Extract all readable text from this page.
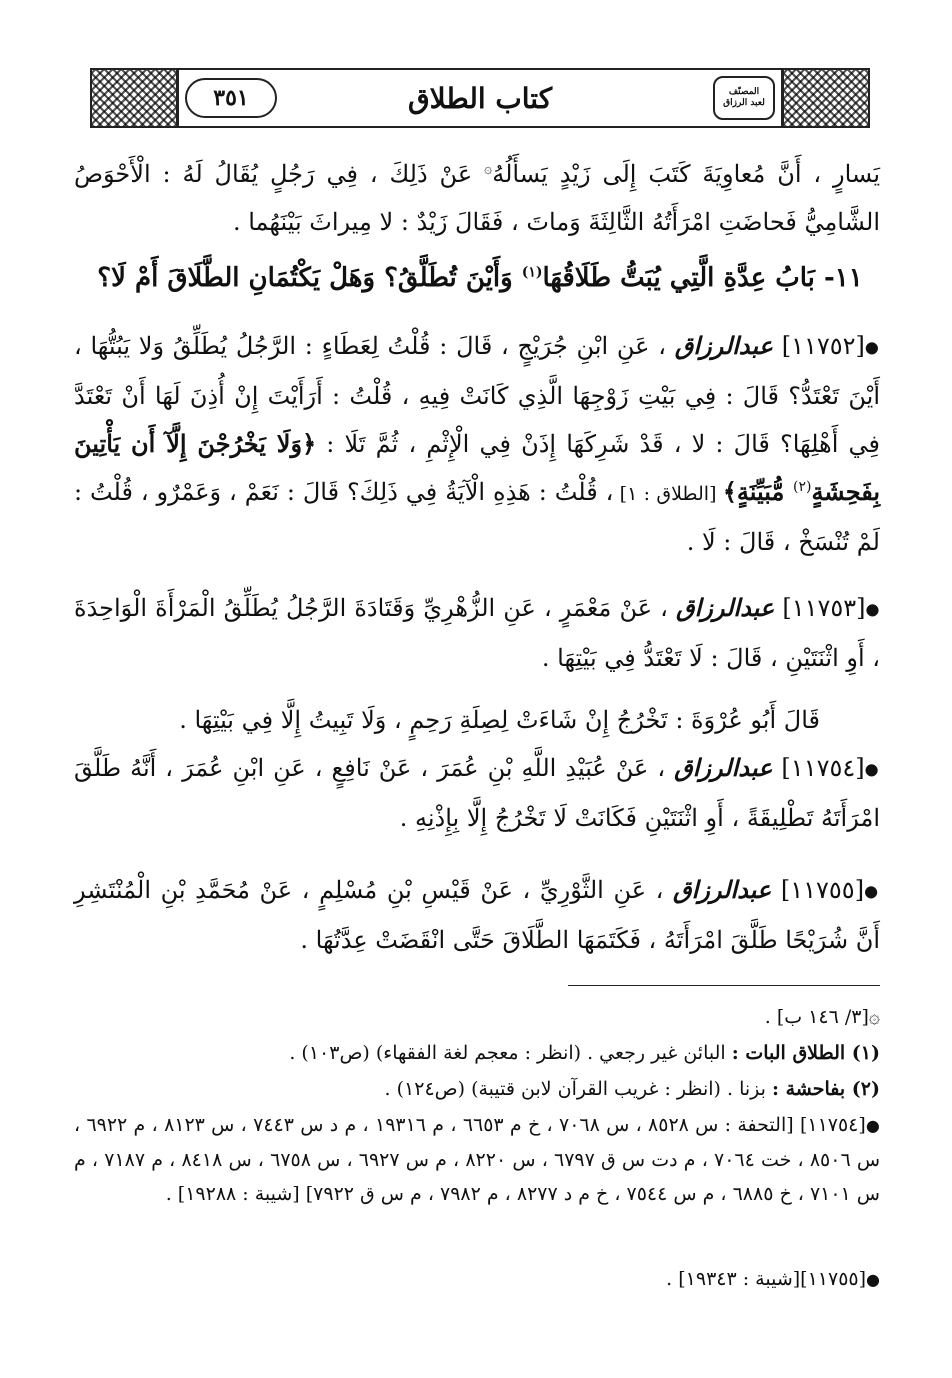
المصنّف
لعبد الرزاق
كتاب الطلاق
٣٥١

يَسارٍ ، أَنَّ مُعاوِيَةَ كَتَبَ إِلَى زَيْدٍ يَسأَلُهُ۞ عَنْ ذَلِكَ ، فِي رَجُلٍ يُقَالُ لَهُ : الْأَحْوَصُ الشَّامِيُّ فَحاضَتِ امْرَأَتُهُ الثَّالِثَةَ وَماتَ ، فَقَالَ زَيْدٌ : لا مِيراثَ بَيْنَهُما .

١١- بَابُ عِدَّةِ الَّتِي يُبَتُّ طَلَاقُهَا$^{(١)}$ وَأَيْنَ تُطَلَّقُ؟ وَهَلْ يَكْتُمَانِ الطَّلَاقَ أَمْ لَا؟

●[١١٧٥٢] عبدالرزاق ، عَنِ ابْنِ جُرَيْجٍ ، قَالَ : قُلْتُ لِعَطَاءٍ : الرَّجُلُ يُطَلِّقُ وَلا يَبُتُّهَا ، أَيْنَ تَعْتَدُّ؟ قَالَ : فِي بَيْتِ زَوْجِهَا الَّذِي كَانَتْ فِيهِ ، قُلْتُ : أَرَأَيْتَ إِنْ أُذِنَ لَهَا أَنْ تَعْتَدَّ فِي أَهْلِهَا؟ قَالَ : لا ، قَدْ شَرِكَهَا إِذَنْ فِي الْإِثْمِ ، ثُمَّ تَلَا : ﴿وَلَا يَخْرُجْنَ إِلَّآ أَن يَأْتِينَ بِفَحِشَةٍ$^{(٢)}$ مُّبَيِّنَةٍ﴾ [الطلاق : ١] ، قُلْتُ : هَذِهِ الْآيَةُ فِي ذَلِكَ؟ قَالَ : نَعَمْ ، وَعَمْرٌو ، قُلْتُ : لَمْ تُنْسَخْ ، قَالَ : لَا .

●[١١٧٥٣] عبدالرزاق ، عَنْ مَعْمَرٍ ، عَنِ الزُّهْرِيِّ وَقَتَادَةَ الرَّجُلُ يُطَلِّقُ الْمَرْأَةَ الْوَاحِدَةَ ، أَوِ اثْنَتَيْنِ ، قَالَ : لَا تَعْتَدُّ فِي بَيْتِهَا .

قَالَ أَبُو عُرْوَةَ : تَخْرُجُ إِنْ شَاءَتْ لِصِلَةِ رَحِمٍ ، وَلَا تَبِيتُ إِلَّا فِي بَيْتِهَا .

●[١١٧٥٤] عبدالرزاق ، عَنْ عُبَيْدِ اللَّهِ بْنِ عُمَرَ ، عَنْ نَافِعٍ ، عَنِ ابْنِ عُمَرَ ، أَنَّهُ طَلَّقَ امْرَأَتَهُ تَطْلِيقَةً ، أَوِ اثْنَتَيْنِ فَكَانَتْ لَا تَخْرُجُ إِلَّا بِإِذْنِهِ .

●[١١٧٥٥] عبدالرزاق ، عَنِ الثَّوْرِيِّ ، عَنْ قَيْسِ بْنِ مُسْلِمٍ ، عَنْ مُحَمَّدِ بْنِ الْمُنْتَشِرِ أَنَّ شُرَيْحًا طَلَّقَ امْرَأَتَهُ ، فَكَتَمَهَا الطَّلَاقَ حَتَّى انْقَضَتْ عِدَّتُهَا .

۞[٣/ ١٤٦ ب] .
(١) الطلاق البات : البائن غير رجعي . (انظر : معجم لغة الفقهاء) (ص١٠٣) .
(٢) بفاحشة : بزنا . (انظر : غريب القرآن لابن قتيبة) (ص١٢٤) .
●[١١٧٥٤] [التحفة : س ٨٥٢٨ ، س ٧٠٦٨ ، خ م ٦٦٥٣ ، م ١٩٣١٦ ، م د س ٧٤٤٣ ، س ٨١٢٣ ، م ٦٩٢٢ ، س ٨٥٠٦ ، خت ٧٠٦٤ ، م دت س ق ٦٧٩٧ ، س ٨٢٢٠ ، م س ٦٩٢٧ ، س ٦٧٥٨ ، س ٨٤١٨ ، م ٧١٨٧ ، م س ٧١٠١ ، خ ٦٨٨٥ ، م س ٧٥٤٤ ، خ م د ٨٢٧٧ ، م ٧٩٨٢ ، م س ق ٧٩٢٢] [شيبة : ١٩٢٨٨] .
●[١١٧٥٥][شيبة : ١٩٣٤٣] .
